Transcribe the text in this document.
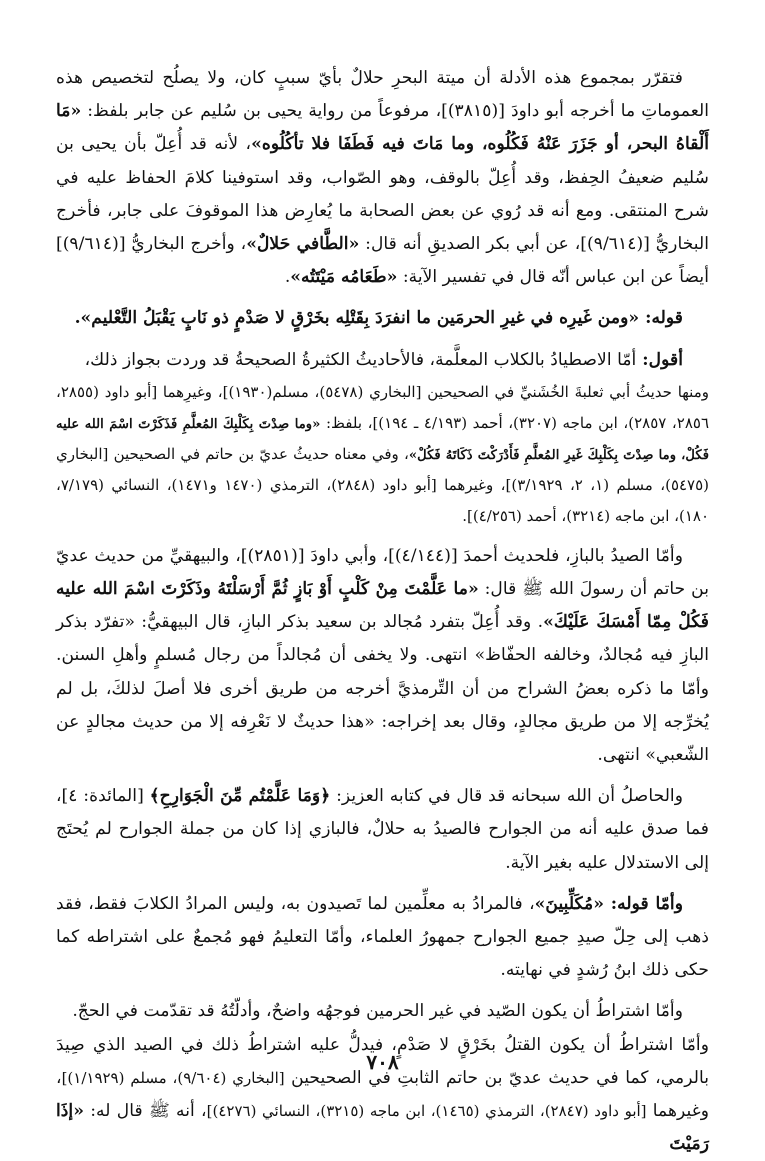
فتقرّر بمجموع هذه الأدلة أن ميتة البحرِ حلالٌ بأيّ سببٍ كان، ولا يصلُح لتخصيص هذه العموماتِ ما أخرجه أبو داودَ [(٣٨١٥)]، مرفوعاً من رواية يحيى بن سُليم عن جابر بلفظ: «مَا أَلْقاهُ البحر، أو جَزَرَ عَنْهُ فَكُلُوه، وما مَاتَ فيه فَطَفَا فلا تأكُلُوه»، لأنه قد أُعِلّ بأن يحيى بن سُليم ضعيفُ الحِفظ، وقد أُعِلّ بالوقف، وهو الصّواب، وقد استوفينا كلامَ الحفاظ عليه في شرح المنتقى. ومع أنه قد رُوي عن بعض الصحابة ما يُعارِض هذا الموقوفَ على جابر، فأخرج البخاريُّ [(٩/٦١٤)]، عن أبي بكر الصديقِ أنه قال: «الطَّافي حَلالٌ»، وأخرج البخاريُّ [(٩/٦١٤)] أيضاً عن ابن عباس أنّه قال في تفسير الآية: «طَعَامُه مَيْتَتُه».

قوله: «ومن غَيرِه في غيرِ الحرمَين ما انفرَدَ بِقَتْلِه بخَرْقٍ لا صَدْمٍ ذو نَابٍ يَقْبَلُ التَّعْليم».

أقول: أمّا الاصطيادُ بالكلاب المعلَّمة، فالأحاديثُ الكثيرةُ الصحيحةُ قد وردت بجواز ذلك،

ومنها حديثُ أبي ثعلبةَ الخُشَنيِّ في الصحيحين [البخاري (٥٤٧٨)، مسلم(١٩٣٠)]، وغيرِهما [أبو داود (٢٨٥٥، ٢٨٥٦، ٢٨٥٧)، ابن ماجه (٣٢٠٧)، أحمد (٤/١٩٣ ـ ١٩٤)]، بلفظ: «وما صِدْتَ بِكَلْبِكَ المُعلَّمِ فَذَكَرْتَ اسْمَ الله عليه فَكُلْ، وما صِدْتَ بِكَلْبِكَ غَيرِ المُعلَّمِ فَأَدْرَكْتَ ذَكَاتَهُ فَكُلْ»، وفي معناه حديثُ عديّ بن حاتم في الصحيحين [البخاري (٥٤٧٥)، مسلم (١، ٢، ٣/١٩٢٩)]، وغيرهما [أبو داود (٢٨٤٨)، الترمذي (١٤٧٠ و١٤٧١)، النسائي (٧/١٧٩، ١٨٠)، ابن ماجه (٣٢١٤)، أحمد (٤/٢٥٦)].

وأمّا الصيدُ بالبازِ، فلحديث أحمدَ [(٤/١٤٤)]، وأبي داودَ [(٢٨٥١)]، والبيهقيِّ من حديث عديّ بن حاتم أن رسولَ الله ﷺ قال: «ما عَلَّمْتَ مِنْ كَلْبٍ أَوْ بَازٍ ثُمَّ أَرْسَلْتَهُ وذَكَرْتَ اسْمَ الله عليه فَكُلْ مِمّا أَمْسَكَ عَلَيْكَ». وقد أُعِلّ بتفرد مُجالد بن سعيد بذكر البازِ، قال البيهقيُّ: «تفرّد بذكر البازِ فيه مُجالدٌ، وخالفه الحفّاظ» انتهى. ولا يخفى أن مُجالداً من رجال مُسلمٍ وأهلِ السنن. وأمّا ما ذكره بعضُ الشراح من أن التِّرمذيَّ أخرجه من طريق أخرى فلا أصلَ لذلكَ، بل لم يُخرِّجه إلا من طريق مجالدٍ، وقال بعد إخراجه: «هذا حديثٌ لا نَعْرِفه إلا من حديث مجالدٍ عن الشّعبي» انتهى.

والحاصلُ أن الله سبحانه قد قال في كتابه العزيز: ﴿وَمَا عَلَّمْتُم مِّنَ الْجَوَارِحِ﴾ [المائدة: ٤]، فما صدق عليه أنه من الجوارح فالصيدُ به حلالٌ، فالبازي إذا كان من جملة الجوارح لم يُحتَج إلى الاستدلال عليه بغير الآية.

وأمّا قوله: «مُكَلِّبِينَ»، فالمرادُ به معلِّمين لما تَصيدون به، وليس المرادُ الكلابَ فقط، فقد ذهب إلى حِلّ صيدِ جميع الجوارح جمهورُ العلماء، وأمّا التعليمُ فهو مُجمعٌ على اشتراطه كما حكى ذلك ابنُ رُشدٍ في نهايته.

وأمّا اشتراطُ أن يكون الصّيد في غير الحرمين فوجهُه واضحٌ، وأدلّتُهُ قد تقدّمت في الحجّ.

وأمّا اشتراطُ أن يكون القتلُ بخَرْقٍ لا صَدْمٍ، فيدلُّ عليه اشتراطُ ذلك في الصيد الذي صِيدَ بالرمي، كما في حديث عديّ بن حاتم الثابتِ في الصحيحين [البخاري (٩/٦٠٤)، مسلم (١/١٩٢٩)]، وغيرهما [أبو داود (٢٨٤٧)، الترمذي (١٤٦٥)، ابن ماجه (٣٢١٥)، النسائي (٤٢٧٦)]، أنه ﷺ قال له: «إذَا رَمَيْتَ

٧٠٨
